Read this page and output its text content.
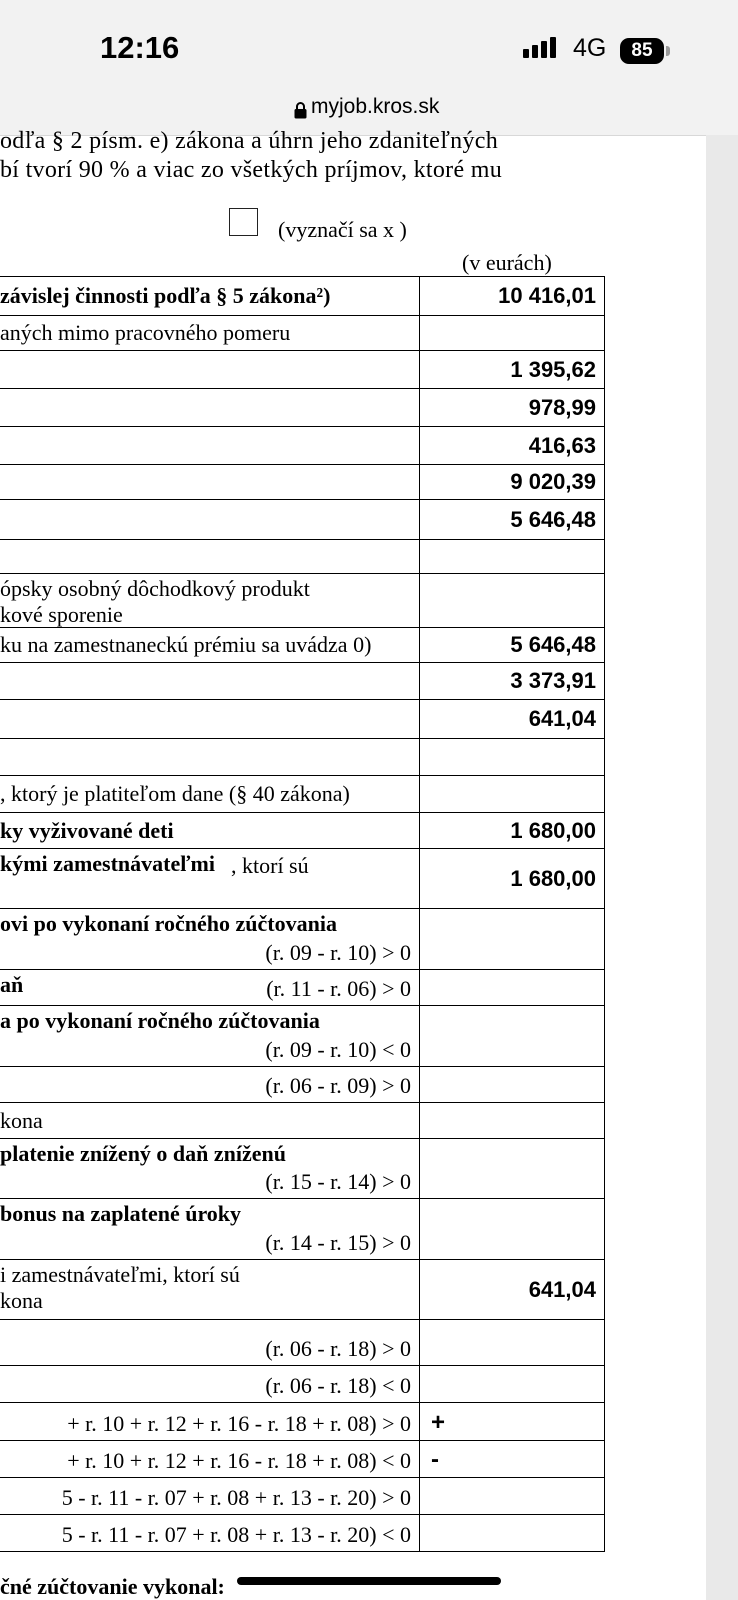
12:16	4G	85
myjob.kros.sk
odľa § 2 písm. e) zákona a úhrn jeho zdaniteľných
bí tvorí 90 % a viac zo všetkých príjmov, ktoré mu
(vyznačí sa x )
(v eurách)
závislej činnosti podľa § 5 zákona²)	10 416,01

aných mimo pracovného pomeru	

	1 395,62

	978,99

	416,63

	9 020,39

	5 646,48

ópsky osobný dôchodkový produkt
kové sporenie	

ku na zamestnaneckú prémiu sa uvádza 0)	5 646,48

	3 373,91

	641,04

, ktorý je platiteľom dane (§ 40 zákona)	

ky vyživované deti	1 680,00

kými zamestnávateľmi , ktorí sú	1 680,00

ovi po vykonaní ročného zúčtovania
(r. 09 - r. 10) > 0	

aň (r. 11 - r. 06) > 0	

a po vykonaní ročného zúčtovania
(r. 09 - r. 10) < 0	

(r. 06 - r. 09) > 0	

kona	

platenie znížený o daň zníženú
(r. 15 - r. 14) > 0	

bonus na zaplatené úroky
(r. 14 - r. 15) > 0	

i zamestnávateľmi, ktorí sú
kona	641,04

(r. 06 - r. 18) > 0	

(r. 06 - r. 18) < 0	

+ r. 10 + r. 12 + r. 16 - r. 18 + r. 08) > 0	+

+ r. 10 + r. 12 + r. 16 - r. 18 + r. 08) < 0	-

5 - r. 11 - r. 07 + r. 08 + r. 13 - r. 20) > 0	

5 - r. 11 - r. 07 + r. 08 + r. 13 - r. 20) < 0	

čné zúčtovanie vykonal:
